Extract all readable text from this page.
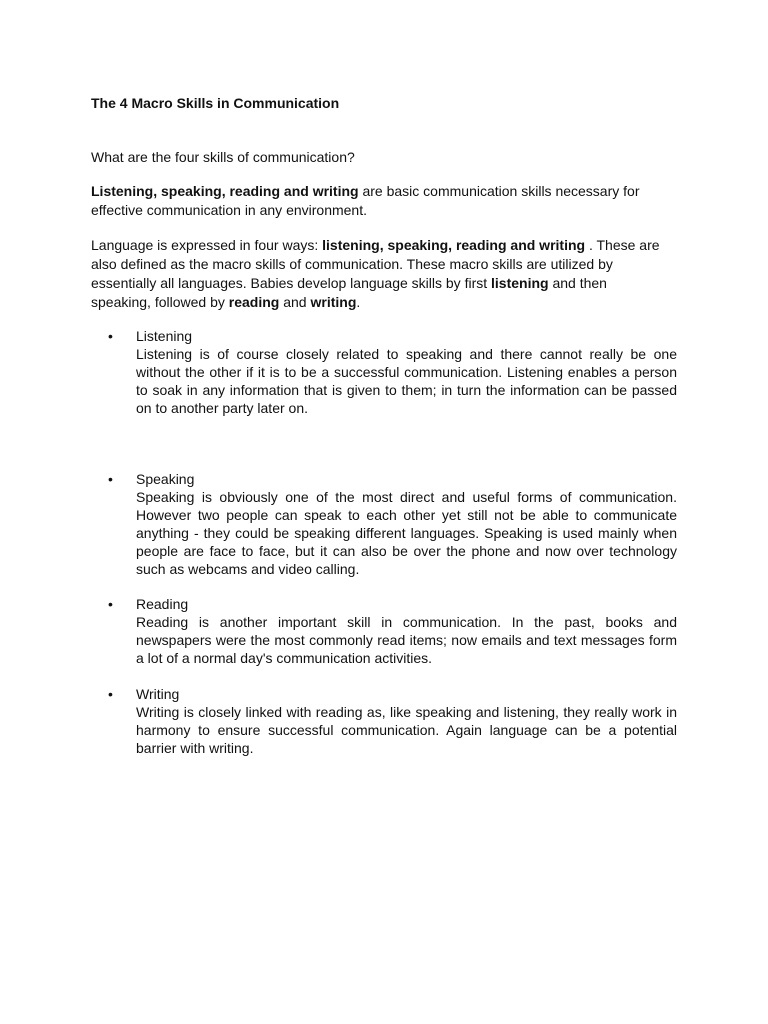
The 4 Macro Skills in Communication

What are the four skills of communication?

Listening, speaking, reading and writing are basic communication skills necessary for effective communication in any environment.

Language is expressed in four ways: listening, speaking, reading and writing . These are also defined as the macro skills of communication. These macro skills are utilized by essentially all languages. Babies develop language skills by first listening and then speaking, followed by reading and writing.

•	Listening

Listening is of course closely related to speaking and there cannot really be one without the other if it is to be a successful communication. Listening enables a person to soak in any information that is given to them; in turn the information can be passed on to another party later on.

•	Speaking

Speaking is obviously one of the most direct and useful forms of communication. However two people can speak to each other yet still not be able to communicate anything - they could be speaking different languages. Speaking is used mainly when people are face to face, but it can also be over the phone and now over technology such as webcams and video calling.

•	Reading

Reading is another important skill in communication. In the past, books and newspapers were the most commonly read items; now emails and text messages form a lot of a normal day's communication activities.

•	Writing

Writing is closely linked with reading as, like speaking and listening, they really work in harmony to ensure successful communication. Again language can be a potential barrier with writing.
